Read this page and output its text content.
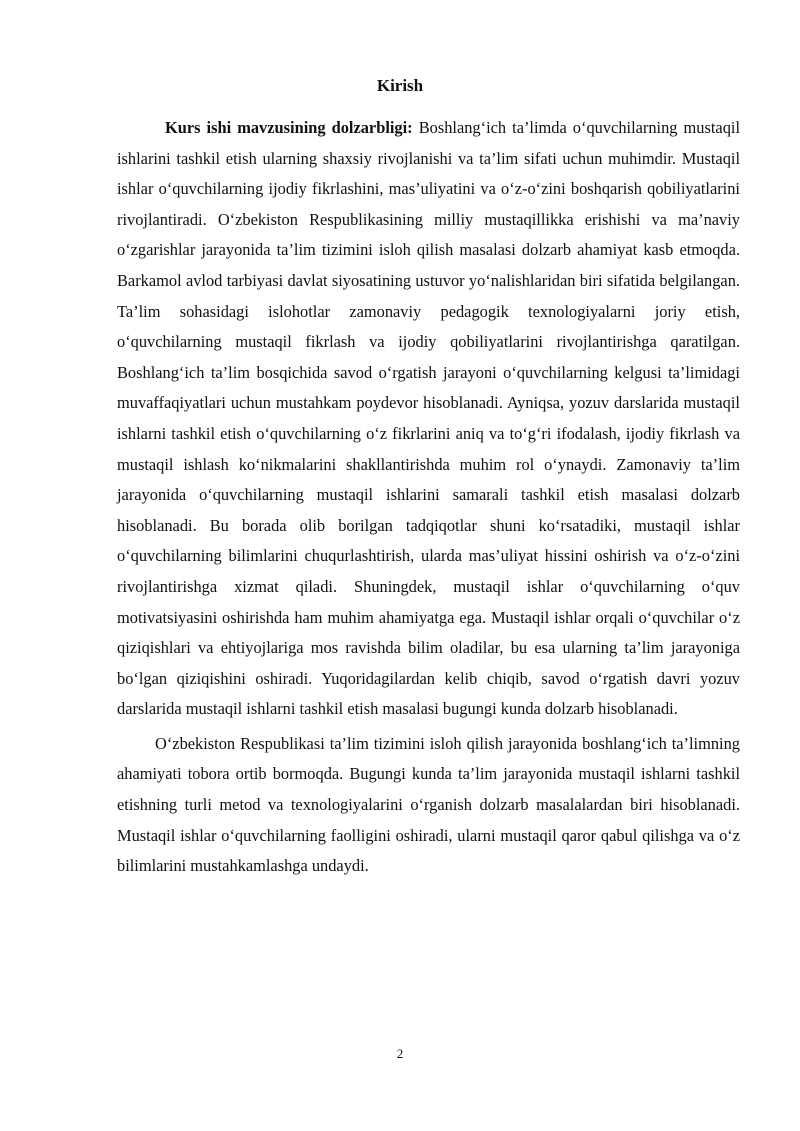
Kirish

Kurs ishi mavzusining dolzarbligi: Boshlang‘ich ta’limda o‘quvchilarning mustaqil ishlarini tashkil etish ularning shaxsiy rivojlanishi va ta’lim sifati uchun muhimdir. Mustaqil ishlar o‘quvchilarning ijodiy fikrlashini, mas’uliyatini va o‘z-o‘zini boshqarish qobiliyatlarini rivojlantiradi. O‘zbekiston Respublikasining milliy mustaqillikka erishishi va ma’naviy o‘zgarishlar jarayonida ta’lim tizimini isloh qilish masalasi dolzarb ahamiyat kasb etmoqda. Barkamol avlod tarbiyasi davlat siyosatining ustuvor yo‘nalishlaridan biri sifatida belgilangan. Ta’lim sohasidagi islohotlar zamonaviy pedagogik texnologiyalarni joriy etish, o‘quvchilarning mustaqil fikrlash va ijodiy qobiliyatlarini rivojlantirishga qaratilgan. Boshlang‘ich ta’lim bosqichida savod o‘rgatish jarayoni o‘quvchilarning kelgusi ta’limidagi muvaffaqiyatlari uchun mustahkam poydevor hisoblanadi. Ayniqsa, yozuv darslarida mustaqil ishlarni tashkil etish o‘quvchilarning o‘z fikrlarini aniq va to‘g‘ri ifodalash, ijodiy fikrlash va mustaqil ishlash ko‘nikmalarini shakllantirishda muhim rol o‘ynaydi. Zamonaviy ta’lim jarayonida o‘quvchilarning mustaqil ishlarini samarali tashkil etish masalasi dolzarb hisoblanadi. Bu borada olib borilgan tadqiqotlar shuni ko‘rsatadiki, mustaqil ishlar o‘quvchilarning bilimlarini chuqurlashtirish, ularda mas’uliyat hissini oshirish va o‘z-o‘zini rivojlantirishga xizmat qiladi. Shuningdek, mustaqil ishlar o‘quvchilarning o‘quv motivatsiyasini oshirishda ham muhim ahamiyatga ega. Mustaqil ishlar orqali o‘quvchilar o‘z qiziqishlari va ehtiyojlariga mos ravishda bilim oladilar, bu esa ularning ta’lim jarayoniga bo‘lgan qiziqishini oshiradi. Yuqoridagilardan kelib chiqib, savod o‘rgatish davri yozuv darslarida mustaqil ishlarni tashkil etish masalasi bugungi kunda dolzarb hisoblanadi.

O‘zbekiston Respublikasi ta’lim tizimini isloh qilish jarayonida boshlang‘ich ta’limning ahamiyati tobora ortib bormoqda. Bugungi kunda ta’lim jarayonida mustaqil ishlarni tashkil etishning turli metod va texnologiyalarini o‘rganish dolzarb masalalardan biri hisoblanadi. Mustaqil ishlar o‘quvchilarning faolligini oshiradi, ularni mustaqil qaror qabul qilishga va o‘z bilimlarini mustahkamlashga undaydi.

2
